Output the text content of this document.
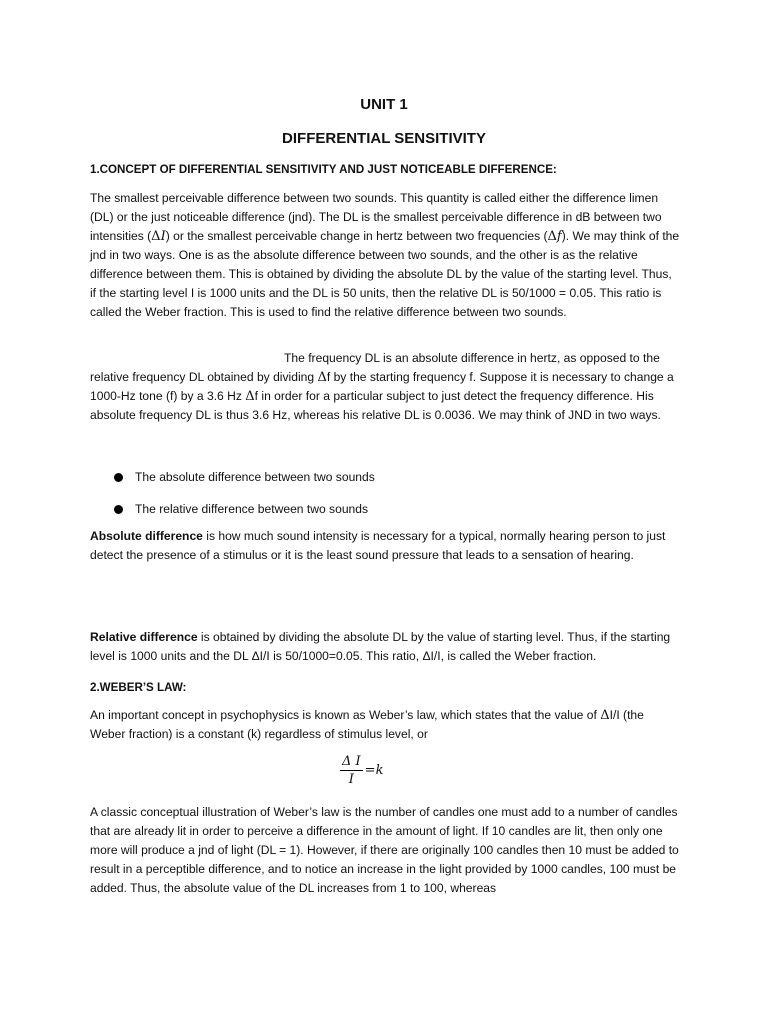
UNIT 1
DIFFERENTIAL SENSITIVITY
1.CONCEPT OF DIFFERENTIAL SENSITIVITY AND JUST NOTICEABLE DIFFERENCE:

The smallest perceivable difference between two sounds. This quantity is called either the difference limen (DL) or the just noticeable difference (jnd). The DL is the smallest perceivable difference in dB between two intensities (ΔI) or the smallest perceivable change in hertz between two frequencies (Δf). We may think of the jnd in two ways. One is as the absolute difference between two sounds, and the other is as the relative difference between them. This is obtained by dividing the absolute DL by the value of the starting level. Thus, if the starting level I is 1000 units and the DL is 50 units, then the relative DL is 50/1000 = 0.05. This ratio is called the Weber fraction. This is used to find the relative difference between two sounds.

The frequency DL is an absolute difference in hertz, as opposed to the relative frequency DL obtained by dividing Δf by the starting frequency f. Suppose it is necessary to change a 1000-Hz tone (f) by a 3.6 Hz Δf in order for a particular subject to just detect the frequency difference. His absolute frequency DL is thus 3.6 Hz, whereas his relative DL is 0.0036. We may think of JND in two ways.

The absolute difference between two sounds
The relative difference between two sounds

Absolute difference is how much sound intensity is necessary for a typical, normally hearing person to just detect the presence of a stimulus or it is the least sound pressure that leads to a sensation of hearing.

Relative difference is obtained by dividing the absolute DL by the value of starting level. Thus, if the starting level is 1000 units and the DL ΔI/I is 50/1000=0.05. This ratio, ΔI/I, is called the Weber fraction.

2.WEBER’S LAW:

An important concept in psychophysics is known as Weber’s law, which states that the value of ΔI/I (the Weber fraction) is a constant (k) regardless of stimulus level, or

$\frac{\text{Δ I}}{I} = k$

A classic conceptual illustration of Weber’s law is the number of candles one must add to a number of candles that are already lit in order to perceive a difference in the amount of light. If 10 candles are lit, then only one more will produce a jnd of light (DL = 1). However, if there are originally 100 candles then 10 must be added to result in a perceptible difference, and to notice an increase in the light provided by 1000 candles, 100 must be added. Thus, the absolute value of the DL increases from 1 to 100, whereas
